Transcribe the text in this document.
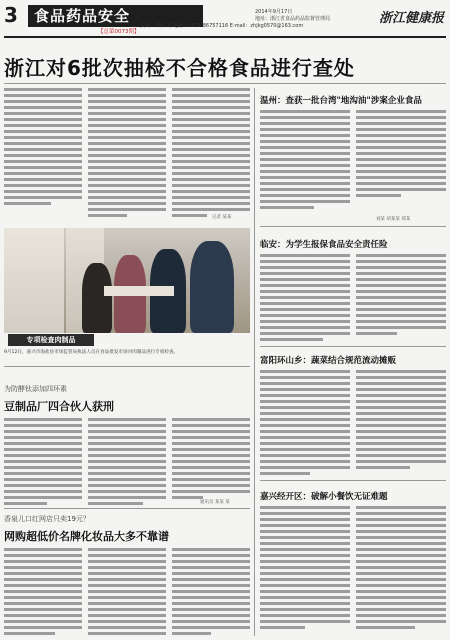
3	食品药品安全
【总第0073期】
2014年9月17日
地址：浙江省食品药品监督管理局
责编：郑某 某 电话：0571-86757116 E-mail：zhjkg0570@163.com	浙江健康报
浙江对6批次抽检不合格食品进行查处
记者 某某
专项检查肉制品
9月12日，嘉兴市海盐县市场监管局执法人员在食品批发市场对肉制品进行专项检查。
为防酵钛添加四环素
豆制品厂四合伙人获刑
通讯员 某某 某
香泉儿口红网店只卖19元？
网购超低价名牌化妆品大多不靠谱
温州：查获一批台湾"地沟油"涉案企业食品
刘某 胡某某 郑某
临安：为学生报保食品安全责任险
富阳环山乡：蔬菜结合规范流动摊贩
嘉兴经开区：破解小餐饮无证难题
